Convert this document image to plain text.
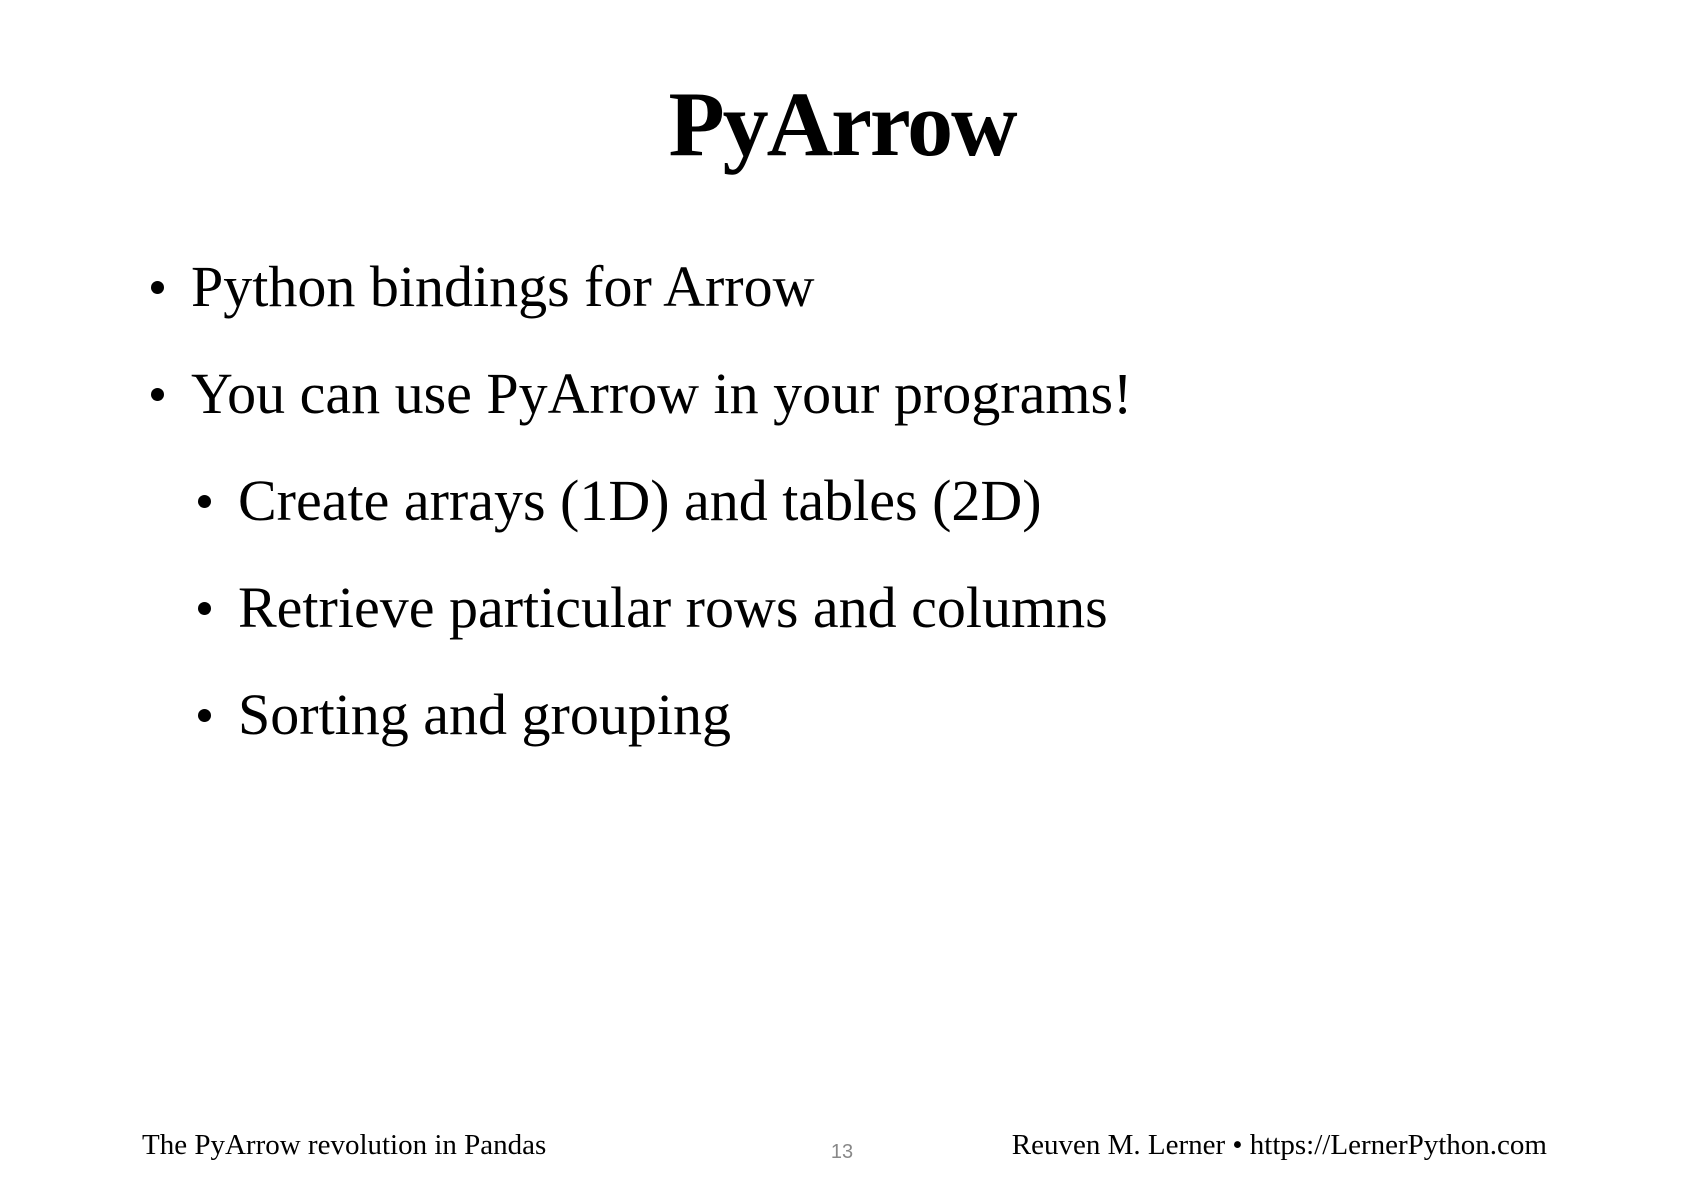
PyArrow
Python bindings for Arrow
You can use PyArrow in your programs!
Create arrays (1D) and tables (2D)
Retrieve particular rows and columns
Sorting and grouping
The PyArrow revolution in Pandas	13	Reuven M. Lerner • https://LernerPython.com
